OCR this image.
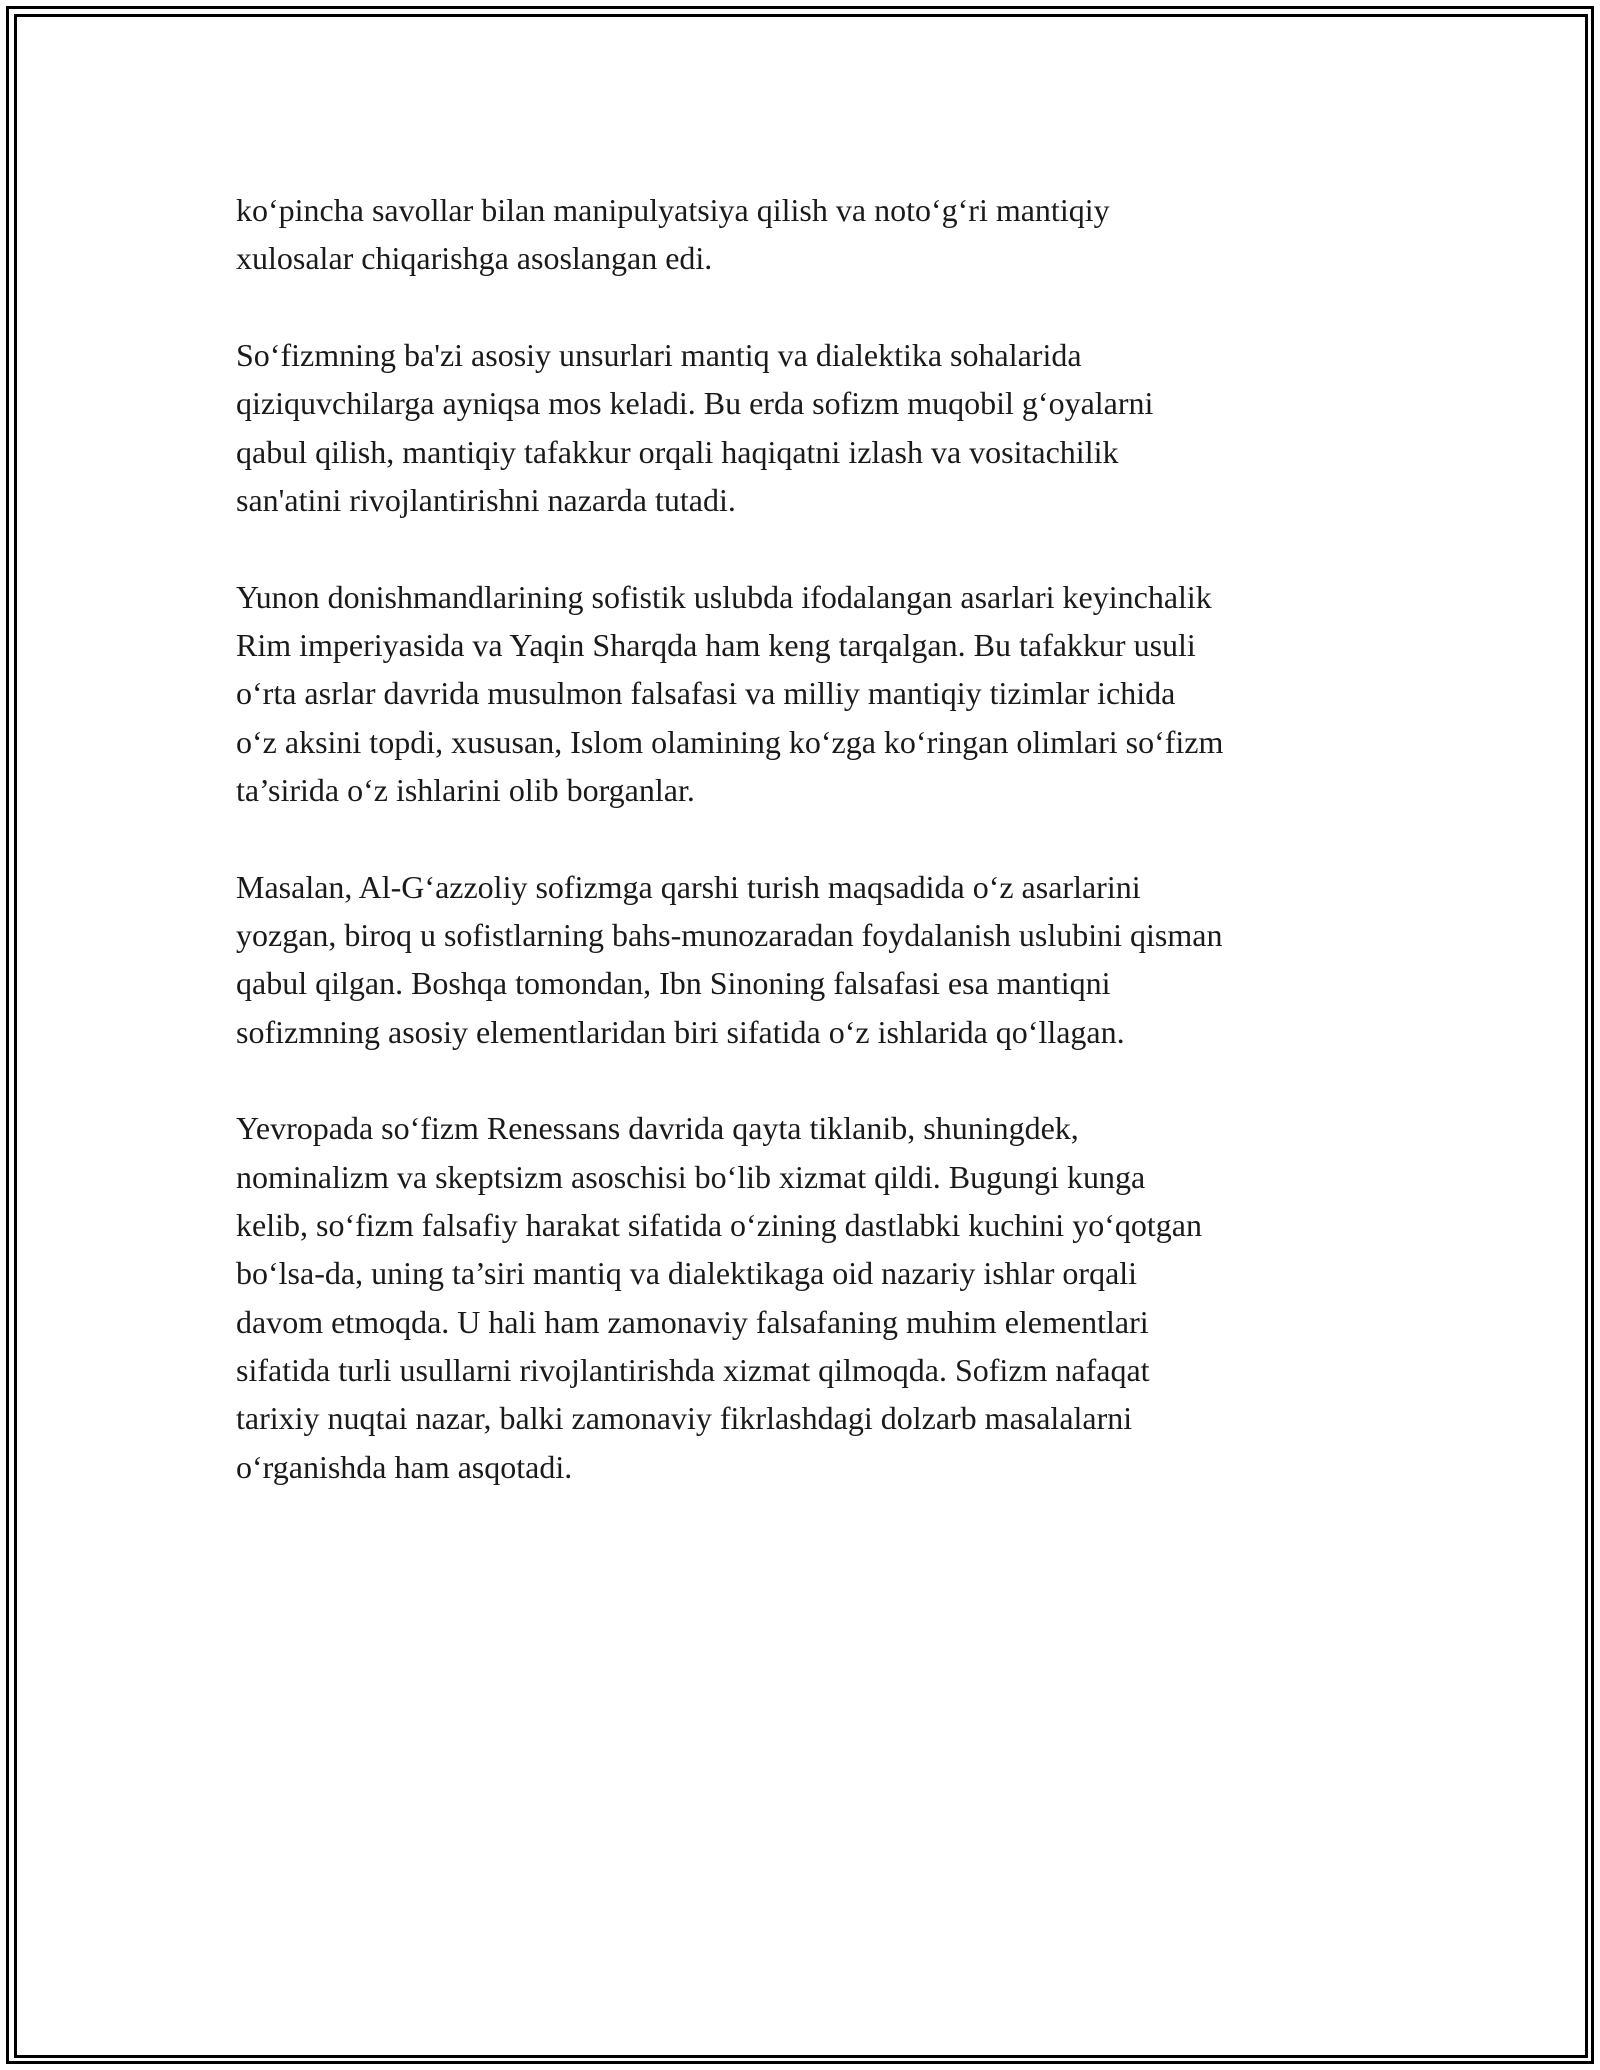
ko‘pincha savollar bilan manipulyatsiya qilish va noto‘g‘ri mantiqiy
xulosalar chiqarishga asoslangan edi.

So‘fizmning ba'zi asosiy unsurlari mantiq va dialektika sohalarida
qiziquvchilarga ayniqsa mos keladi. Bu erda sofizm muqobil g‘oyalarni
qabul qilish, mantiqiy tafakkur orqali haqiqatni izlash va vositachilik
san'atini rivojlantirishni nazarda tutadi.

Yunon donishmandlarining sofistik uslubda ifodalangan asarlari keyinchalik
Rim imperiyasida va Yaqin Sharqda ham keng tarqalgan. Bu tafakkur usuli
o‘rta asrlar davrida musulmon falsafasi va milliy mantiqiy tizimlar ichida
o‘z aksini topdi, xususan, Islom olamining ko‘zga ko‘ringan olimlari so‘fizm
ta’sirida o‘z ishlarini olib borganlar.

Masalan, Al-G‘azzoliy sofizmga qarshi turish maqsadida o‘z asarlarini
yozgan, biroq u sofistlarning bahs-munozaradan foydalanish uslubini qisman
qabul qilgan. Boshqa tomondan, Ibn Sinoning falsafasi esa mantiqni
sofizmning asosiy elementlaridan biri sifatida o‘z ishlarida qo‘llagan.

Yevropada so‘fizm Renessans davrida qayta tiklanib, shuningdek,
nominalizm va skeptsizm asoschisi bo‘lib xizmat qildi. Bugungi kunga
kelib, so‘fizm falsafiy harakat sifatida o‘zining dastlabki kuchini yo‘qotgan
bo‘lsa-da, uning ta’siri mantiq va dialektikaga oid nazariy ishlar orqali
davom etmoqda. U hali ham zamonaviy falsafaning muhim elementlari
sifatida turli usullarni rivojlantirishda xizmat qilmoqda. Sofizm nafaqat
tarixiy nuqtai nazar, balki zamonaviy fikrlashdagi dolzarb masalalarni
o‘rganishda ham asqotadi.
